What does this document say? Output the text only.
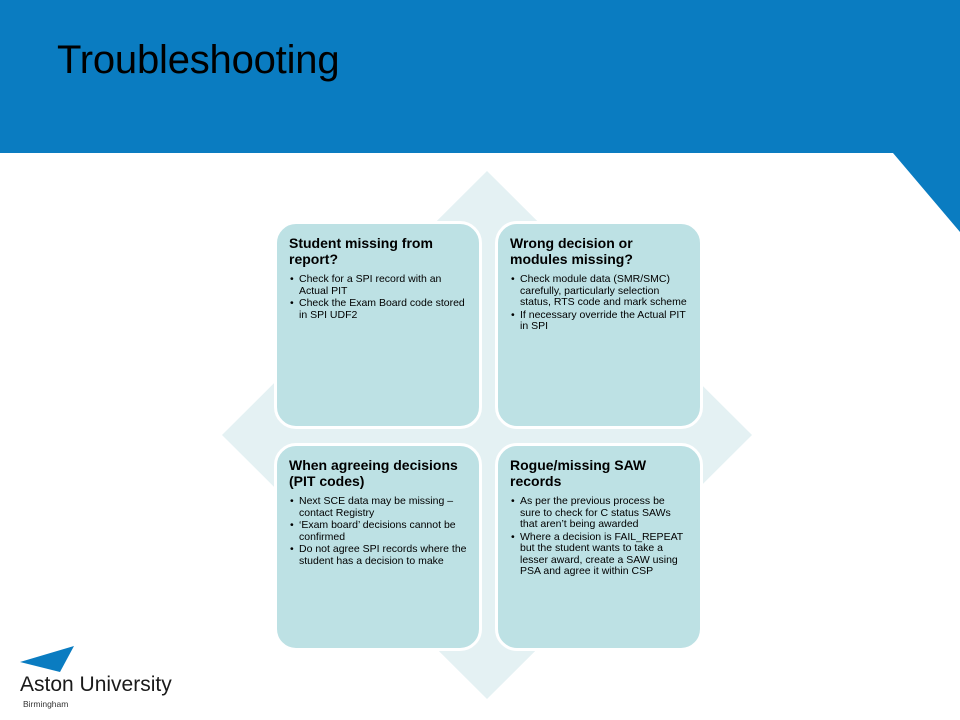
Troubleshooting
Student missing from report?
• Check for a SPI record with an Actual PIT
• Check the Exam Board code stored in SPI UDF2
Wrong decision or modules missing?
• Check module data (SMR/SMC) carefully, particularly selection status, RTS code and mark scheme
• If necessary override the Actual PIT in SPI
When agreeing decisions (PIT codes)
• Next SCE data may be missing – contact Registry
• ‘Exam board’ decisions cannot be confirmed
• Do not agree SPI records where the student has a decision to make
Rogue/missing SAW records
• As per the previous process be sure to check for C status SAWs that aren’t being awarded
• Where a decision is FAIL_REPEAT but the student wants to take a lesser award, create a SAW using PSA and agree it within CSP
Aston University
Birmingham
